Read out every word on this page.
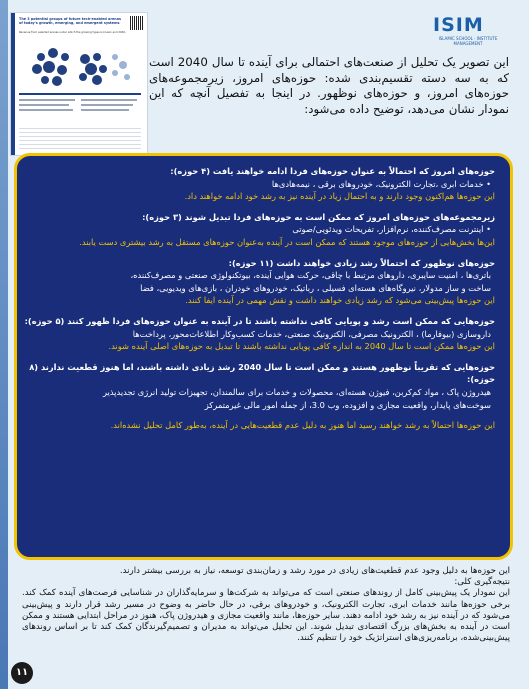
The 3 potential groups of future tech-enabled arenas of today's growth, emerging, and emergent systems
Revenue from selected arenas under which the growing types is known and 2040-	ISIM
ISLAMIC SCHOOL · INSTITUTE MANAGEMENT
این تصویر یک تحلیل از صنعت‌های احتمالی برای آینده تا سال 2040 است که به سه دسته تقسیم‌بندی شده: حوزه‌های امروز، زیرمجموعه‌های حوزه‌های امروز، و حوزه‌های نوظهور. در اینجا به تفصیل آنچه که این نمودار نشان می‌دهد، توضیح داده می‌شود:

حوزه‌های امروز که احتمالاً به عنوان حوزه‌های فردا ادامه خواهند یافت (۴ حوزه):

• خدمات ابری ،تجارت الکترونیک، خودروهای برقی ، نیمه‌هادی‌ها

این حوزه‌ها هم‌اکنون وجود دارند و به احتمال زیاد در آینده نیز به رشد خود ادامه خواهند داد.

زیرمجموعه‌های حوزه‌های امروز که ممکن است به حوزه‌های فردا تبدیل شوند (۳ حوزه):

• اینترنت مصرف‌کننده، نرم‌افزار، تفریحات ویدئویی/صوتی

این‌ها بخش‌هایی از حوزه‌های موجود هستند که ممکن است در آینده به‌عنوان حوزه‌های مستقل به رشد بیشتری دست یابند.

حوزه‌های نوظهور که احتمالاً رشد زیادی خواهند داشت (۱۱ حوزه):

باتری‌ها ، امنیت سایبری، داروهای مرتبط با چاقی، حرکت هوایی آینده، بیوتکنولوژی صنعتی و مصرف‌کننده،

ساخت و ساز مدولار، نیروگاه‌های هسته‌ای فسیلی ، رباتیک، خودروهای خودران ، بازی‌های ویدیویی، فضا

این حوزه‌ها پیش‌بینی می‌شود که رشد زیادی خواهند داشت و نقش مهمی در آینده ایفا کنند.

حوزه‌هایی که ممکن است رشد و پویایی کافی نداشته باشند تا در آینده به عنوان حوزه‌های فردا ظهور کنند (۵ حوزه):

داروسازی (بیوفارما) ، الکترونیک مصرفی، الکترونیک صنعتی، خدمات کسب‌وکار اطلاعات‌محور، پرداخت‌ها

این حوزه‌ها ممکن است تا سال 2040 به اندازه کافی پویایی نداشته باشند تا تبدیل به حوزه‌های اصلی آینده شوند.

حوزه‌هایی که تقریباً نوظهور هستند و ممکن است تا سال 2040 رشد زیادی داشته باشند، اما هنوز قطعیت ندارند (۸ حوزه):

هیدروژن پاک ، مواد کم‌کربن، فیوژن هسته‌ای، محصولات و خدمات برای سالمندان، تجهیزات تولید انرژی تجدیدپذیر

سوخت‌های پایدار، واقعیت مجازی و افزوده، وب 3.0، از جمله امور مالی غیرمتمرکز

این حوزه‌ها احتمالاً به رشد خواهند رسید اما هنوز به دلیل عدم قطعیت‌هایی در آینده، به‌طور کامل تحلیل نشده‌اند.

این حوزه‌ها به دلیل وجود عدم قطعیت‌های زیادی در مورد رشد و زمان‌بندی توسعه، نیاز به بررسی بیشتر دارند.

نتیجه‌گیری کلی:

این نمودار یک پیش‌بینی کامل از روندهای صنعتی است که می‌تواند به شرکت‌ها و سرمایه‌گذاران در شناسایی فرصت‌های آینده کمک کند. برخی حوزه‌ها مانند خدمات ابری، تجارت الکترونیک، و خودروهای برقی، در حال حاضر به وضوح در مسیر رشد قرار دارند و پیش‌بینی می‌شود که در آینده نیز به رشد خود ادامه دهند. سایر حوزه‌ها، مانند واقعیت مجازی و هیدروژن پاک، هنوز در مراحل ابتدایی هستند و ممکن است در آینده به بخش‌های بزرگ اقتصادی تبدیل شوند. این تحلیل می‌تواند به مدیران و تصمیم‌گیرندگان کمک کند تا بر اساس روندهای پیش‌بینی‌شده، برنامه‌ریزی‌های استراتژیک خود را تنظیم کنند.

۱۱
